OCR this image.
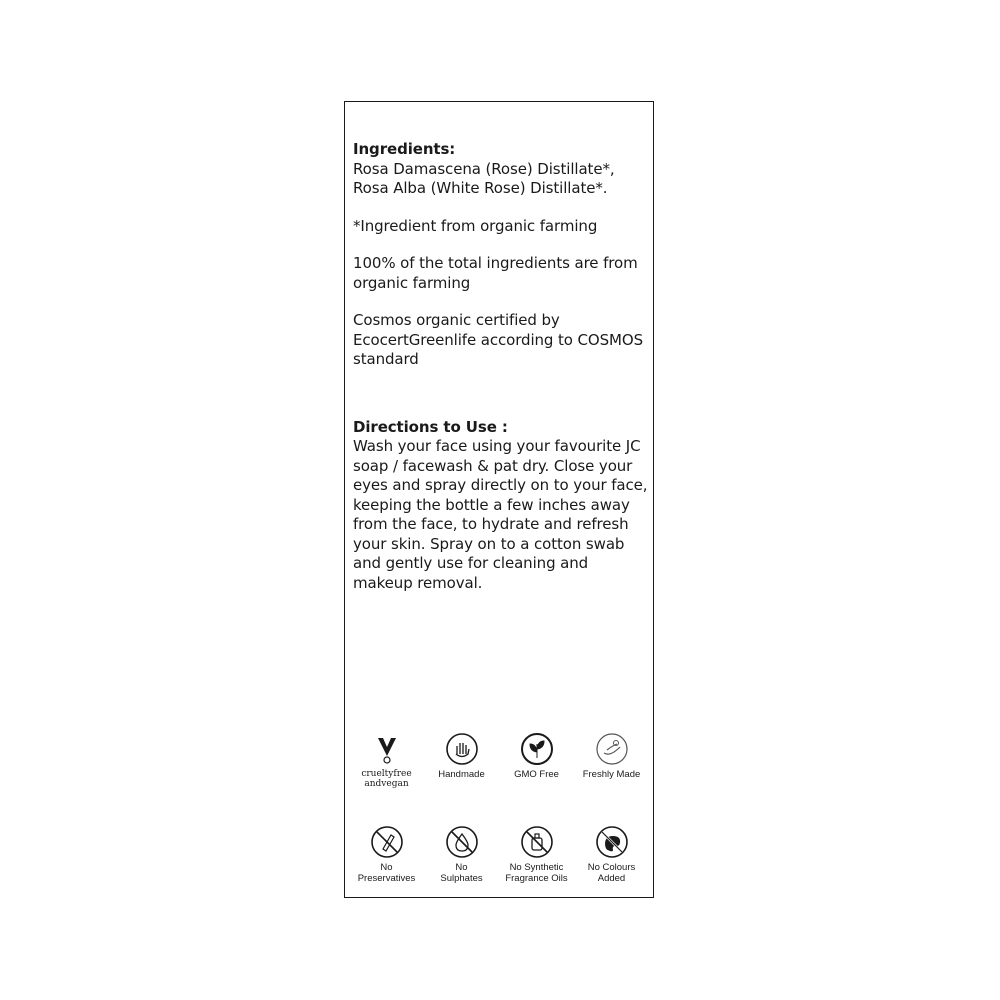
Ingredients:

Rosa Damascena (Rose) Distillate*, Rosa Alba (White Rose) Distillate*.

*Ingredient from organic farming

100% of the total ingredients are from organic farming

Cosmos organic certified by EcocertGreenlife according to COSMOS standard

Directions to Use :

Wash your face using your favourite JC soap / facewash & pat dry. Close your eyes and spray directly on to your face, keeping the bottle a few inches away from the face, to hydrate and refresh your skin. Spray on to a cotton swab and gently use for cleaning and makeup removal.

crueltyfree
andvegan
Handmade	GMO Free	Freshly Made
No
Preservatives
No
Sulphates
No Synthetic
Fragrance Oils
No Colours
Added
